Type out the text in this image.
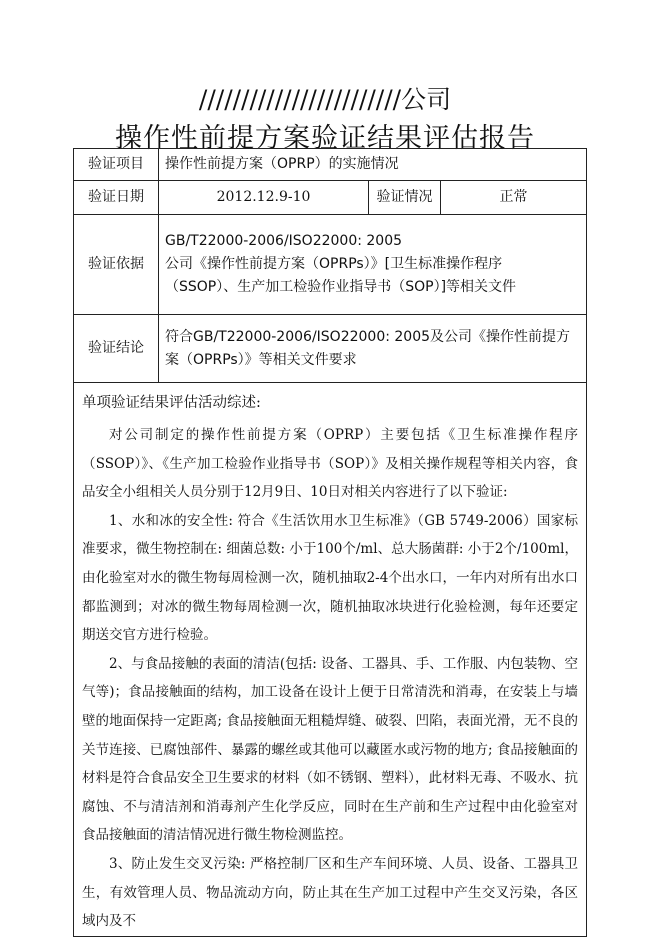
////////////////////////公司
操作性前提方案验证结果评估报告
验证项目	操作性前提方案（OPRP）的实施情况		
验证日期	2012.12.9-10	验证情况	正常
验证依据	GB/T22000-2006/ISO22000: 2005
公司《操作性前提方案（OPRPs）》[卫生标准操作程序
（SSOP）、生产加工检验作业指导书（SOP）]等相关文件		

验证结论	符合GB/T22000-2006/ISO22000: 2005及公司《操作性前提方
案（OPRPs）》等相关文件要求		

单项验证结果评估活动综述:

对公司制定的操作性前提方案（OPRP）主要包括《卫生标准操作程序（SSOP）》、《生产加工检验作业指导书（SOP）》及相关操作规程等相关内容，食品安全小组相关人员分别于12月9日、10日对相关内容进行了以下验证:

1、水和冰的安全性: 符合《生活饮用水卫生标准》（GB 5749-2006）国家标准要求，微生物控制在: 细菌总数: 小于100个/ml、总大肠菌群: 小于2个/100ml，由化验室对水的微生物每周检测一次，随机抽取2-4个出水口，一年内对所有出水口都监测到；对冰的微生物每周检测一次，随机抽取冰块进行化验检测，每年还要定期送交官方进行检验。

2、与食品接触的表面的清洁(包括: 设备、工器具、手、工作服、内包装物、空气等)；食品接触面的结构，加工设备在设计上便于日常清洗和消毒，在安装上与墙壁的地面保持一定距离; 食品接触面无粗糙焊缝、破裂、凹陷，表面光滑，无不良的关节连接、已腐蚀部件、暴露的螺丝或其他可以藏匿水或污物的地方; 食品接触面的材料是符合食品安全卫生要求的材料（如不锈钢、塑料），此材料无毒、不吸水、抗腐蚀、不与清洁剂和消毒剂产生化学反应，同时在生产前和生产过程中由化验室对食品接触面的清洁情况进行微生物检测监控。

3、防止发生交叉污染: 严格控制厂区和生产车间环境、人员、设备、工器具卫生，有效管理人员、物品流动方向，防止其在生产加工过程中产生交叉污染，各区域内及不			
